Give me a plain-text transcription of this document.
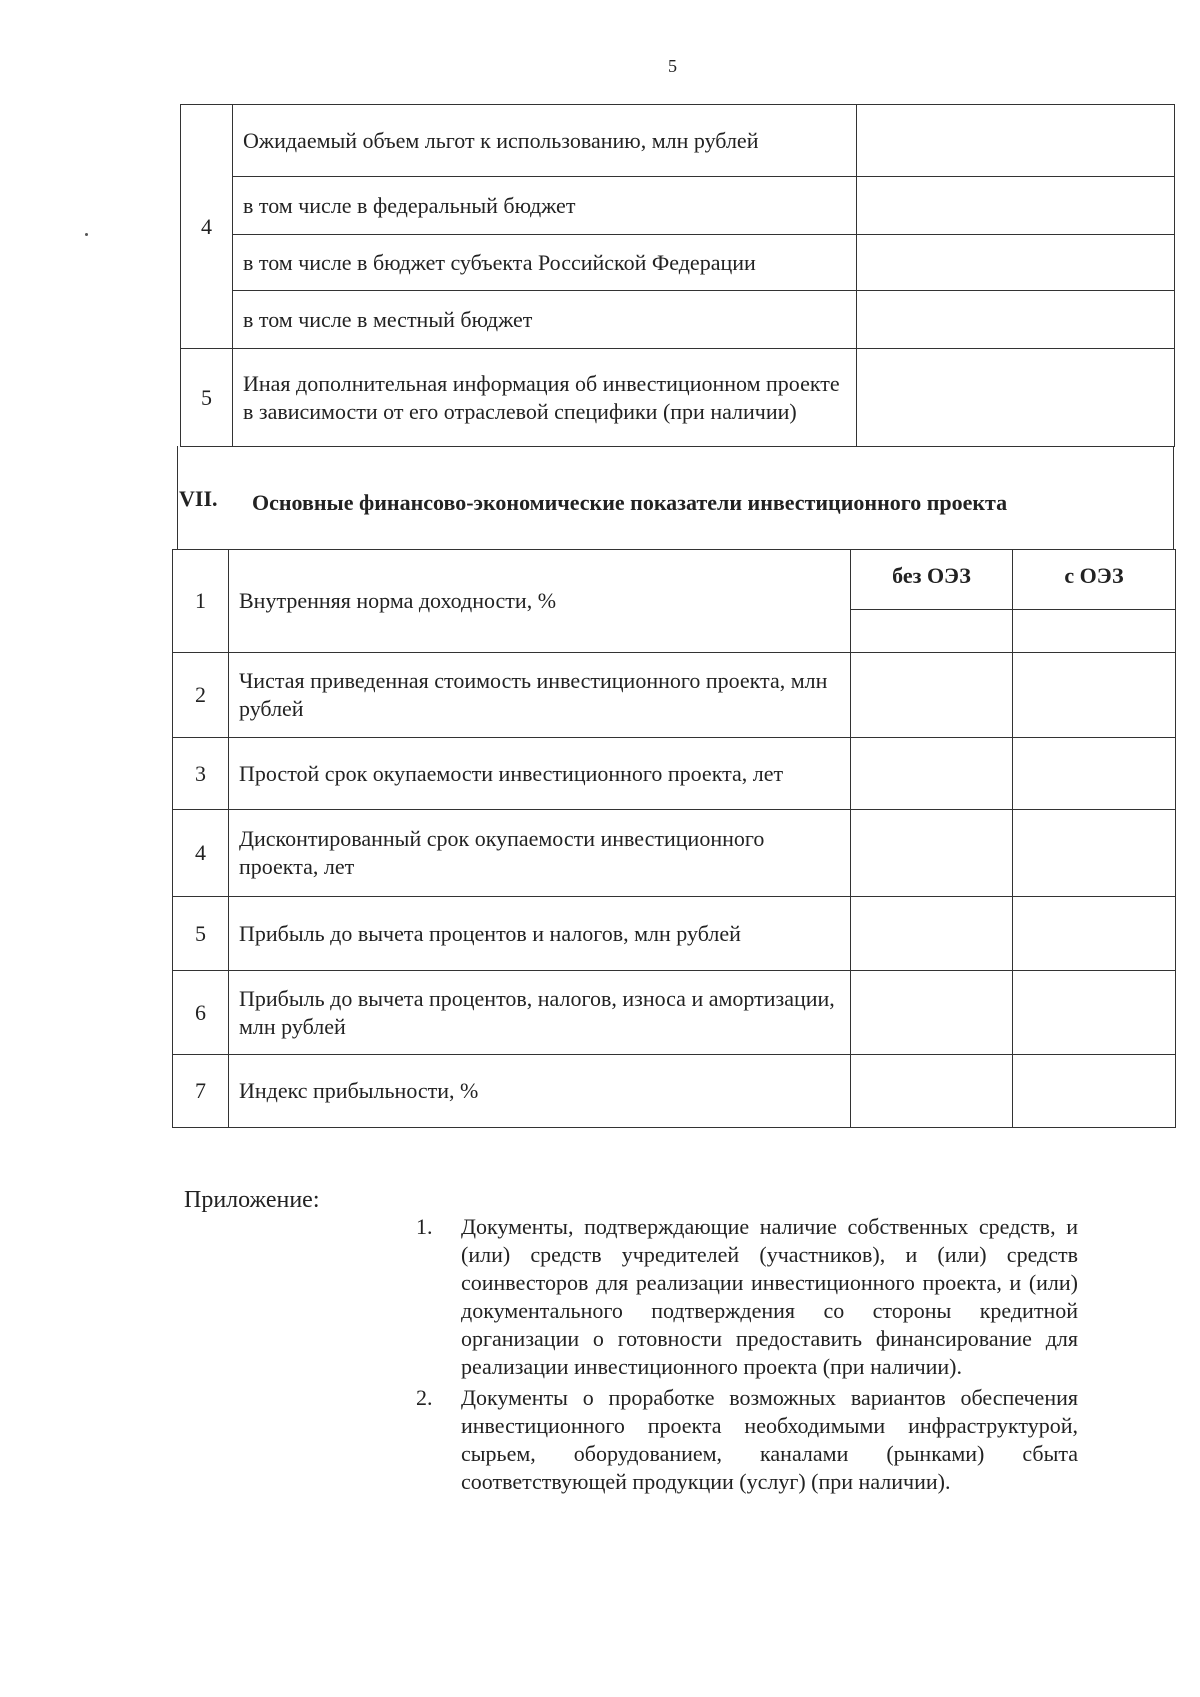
5
4	Ожидаемый объем льгот к использованию, млн рублей	
	в том числе в федеральный бюджет	
	в том числе в бюджет субъекта Российской Федерации	
	в том числе в местный бюджет	
5	Иная дополнительная информация об инвестиционном проекте в зависимости от его отраслевой специфики (при наличии)	
VII. Основные финансово-экономические показатели инвестиционного проекта
1	Внутренняя норма доходности, %	без ОЭЗ	с ОЭЗ

2	Чистая приведенная стоимость инвестиционного проекта, млн рублей		
3	Простой срок окупаемости инвестиционного проекта, лет		
4	Дисконтированный срок окупаемости инвестиционного проекта, лет		
5	Прибыль до вычета процентов и налогов, млн рублей		
6	Прибыль до вычета процентов, налогов, износа и амортизации, млн рублей		
7	Индекс прибыльности, %		
Приложение:
1. Документы, подтверждающие наличие собственных средств, и (или) средств учредителей (участников), и (или) средств соинвесторов для реализации инвестиционного проекта, и (или) документального подтверждения со стороны кредитной организации о готовности предоставить финансирование для реализации инвестиционного проекта (при наличии).
2. Документы о проработке возможных вариантов обеспечения инвестиционного проекта необходимыми инфраструктурой, сырьем, оборудованием, каналами (рынками) сбыта соответствующей продукции (услуг) (при наличии).
